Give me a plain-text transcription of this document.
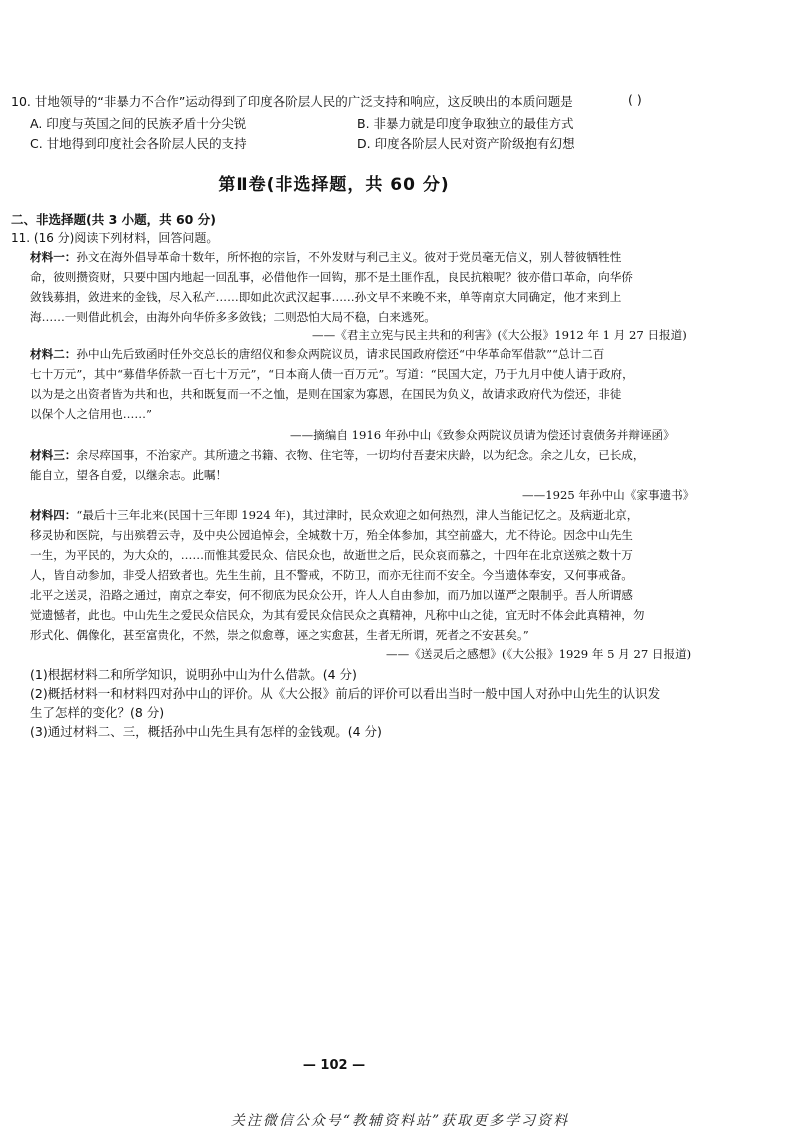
10. 甘地领导的“非暴力不合作”运动得到了印度各阶层人民的广泛支持和响应，这反映出的本质问题是	( )
A. 印度与英国之间的民族矛盾十分尖锐	B. 非暴力就是印度争取独立的最佳方式
C. 甘地得到印度社会各阶层人民的支持	D. 印度各阶层人民对资产阶级抱有幻想
第Ⅱ卷(非选择题，共 60 分)
二、非选择题(共 3 小题，共 60 分)
11. (16 分)阅读下列材料，回答问题。
材料一：孙文在海外倡导革命十数年，所怀抱的宗旨，不外发财与利己主义。彼对于党员毫无信义，别人替彼牺牲性
命，彼则攒资财，只要中国内地起一回乱事，必借他作一回钩，那不是土匪作乱，良民抗粮呢？彼亦借口革命，向华侨
敛钱募捐，敛进来的金钱，尽入私产……即如此次武汉起事……孙文早不来晚不来，单等南京大同确定，他才来到上
海……一则借此机会，由海外向华侨多多敛钱；二则恐怕大局不稳，白来逃死。
——《君主立宪与民主共和的利害》(《大公报》1912 年 1 月 27 日报道)
材料二：孙中山先后致函时任外交总长的唐绍仪和参众两院议员，请求民国政府偿还“中华革命军借款”“总计二百
七十万元”，其中“募借华侨款一百七十万元”，“日本商人债一百万元”。写道：“民国大定，乃于九月中使人请于政府，
以为是之出资者皆为共和也，共和既复而一不之恤，是则在国家为寡恩，在国民为负义，故请求政府代为偿还，非徒
以保个人之信用也……”
——摘编自 1916 年孙中山《致参众两院议员请为偿还讨袁债务并辩诬函》
材料三：余尽瘁国事，不治家产。其所遗之书籍、衣物、住宅等，一切均付吾妻宋庆龄，以为纪念。余之儿女，已长成，
能自立，望各自爱，以继余志。此嘱！
——1925 年孙中山《家事遗书》
材料四：“最后十三年北来(民国十三年即 1924 年)，其过津时，民众欢迎之如何热烈，津人当能记忆之。及病逝北京，
移灵协和医院，与出殡碧云寺，及中央公园追悼会，全城数十万，殆全体参加，其空前盛大，尤不待论。因念中山先生
一生，为平民的，为大众的，……而惟其爱民众、信民众也，故逝世之后，民众哀而慕之，十四年在北京送殡之数十万
人，皆自动参加，非受人招致者也。先生生前，且不警戒，不防卫，而亦无往而不安全。今当遗体奉安，又何事戒备。
北平之送灵，沿路之通过，南京之奉安，何不彻底为民众公开，许人人自由参加，而乃加以谨严之限制乎。吾人所谓感
觉遗憾者，此也。中山先生之爱民众信民众，为其有爱民众信民众之真精神，凡称中山之徒，宜无时不体会此真精神，勿
形式化、偶像化，甚至富贵化，不然，崇之似愈尊，诬之实愈甚，生者无所谓，死者之不安甚矣。”
——《送灵后之感想》(《大公报》1929 年 5 月 27 日报道)
(1)根据材料二和所学知识，说明孙中山为什么借款。(4 分)
(2)概括材料一和材料四对孙中山的评价。从《大公报》前后的评价可以看出当时一般中国人对孙中山先生的认识发
生了怎样的变化？(8 分)
(3)通过材料二、三，概括孙中山先生具有怎样的金钱观。(4 分)
— 102 —
关注微信公众号“教辅资料站”获取更多学习资料
